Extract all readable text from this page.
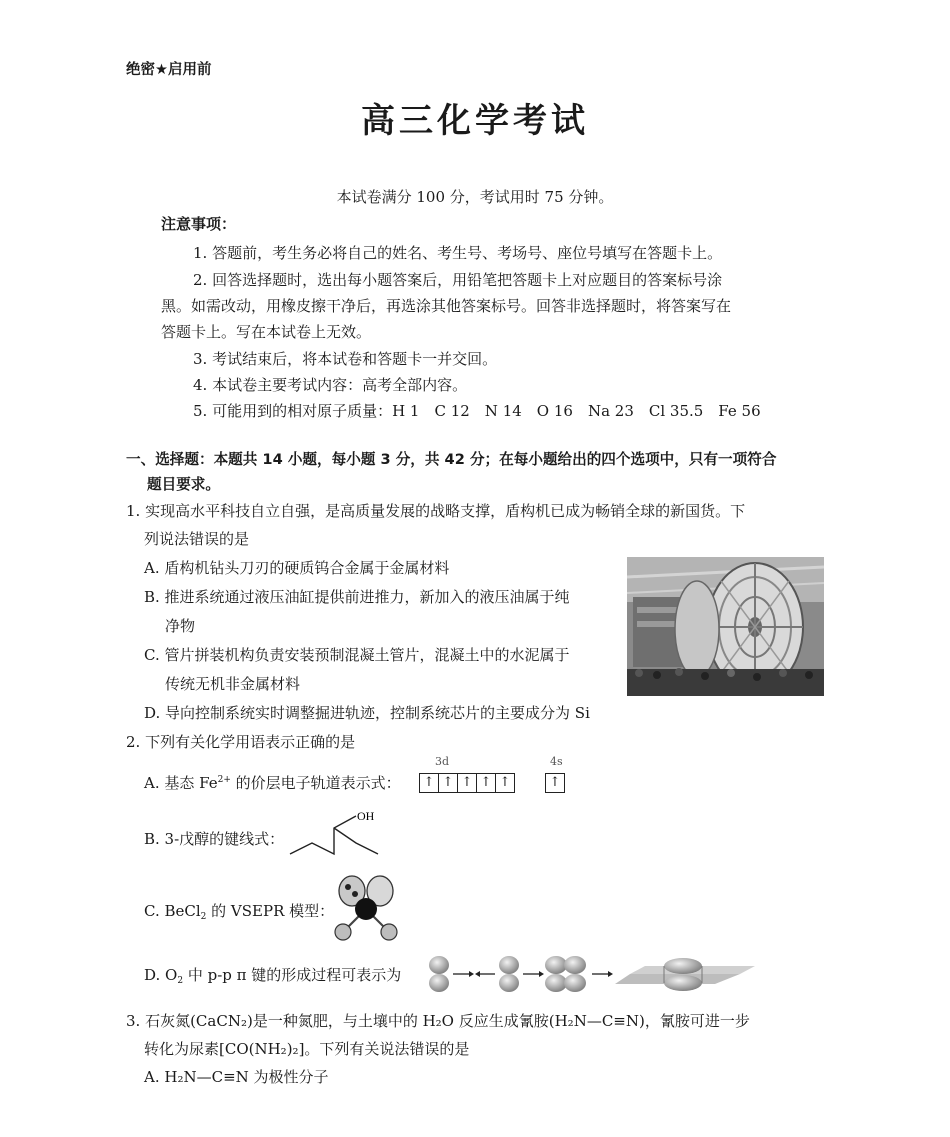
绝密★启用前
高三化学考试
本试卷满分 100 分，考试用时 75 分钟。
注意事项：
1. 答题前，考生务必将自己的姓名、考生号、考场号、座位号填写在答题卡上。
2. 回答选择题时，选出每小题答案后，用铅笔把答题卡上对应题目的答案标号涂
黑。如需改动，用橡皮擦干净后，再选涂其他答案标号。回答非选择题时，将答案写在
答题卡上。写在本试卷上无效。
3. 考试结束后，将本试卷和答题卡一并交回。
4. 本试卷主要考试内容：高考全部内容。
5. 可能用到的相对原子质量：H 1　C 12　N 14　O 16　Na 23　Cl 35.5　Fe 56
一、选择题：本题共 14 小题，每小题 3 分，共 42 分；在每小题给出的四个选项中，只有一项符合
题目要求。
1. 实现高水平科技自立自强，是高质量发展的战略支撑，盾构机已成为畅销全球的新国货。下
列说法错误的是
A. 盾构机钻头刀刃的硬质钨合金属于金属材料
B. 推进系统通过液压油缸提供前进推力，新加入的液压油属于纯
净物
C. 管片拼装机构负责安装预制混凝土管片，混凝土中的水泥属于
传统无机非金属材料
D. 导向控制系统实时调整掘进轨迹，控制系统芯片的主要成分为 Si
2. 下列有关化学用语表示正确的是
A. 基态 $Fe^{2+}$ 的价层电子轨道表示式：
3d	4s
↑ ↑ ↑ ↑ ↑	↑
B. 3-戊醇的键线式：
OH
C. BeCl$_2$ 的 VSEPR 模型：
D. $O_2$ 中 p-p π 键的形成过程可表示为
3. 石灰氮(CaCN₂)是一种氮肥，与土壤中的 H₂O 反应生成氰胺(H₂N—C≡N)，氰胺可进一步
转化为尿素[CO(NH₂)₂]。下列有关说法错误的是
A. H₂N—C≡N 为极性分子
